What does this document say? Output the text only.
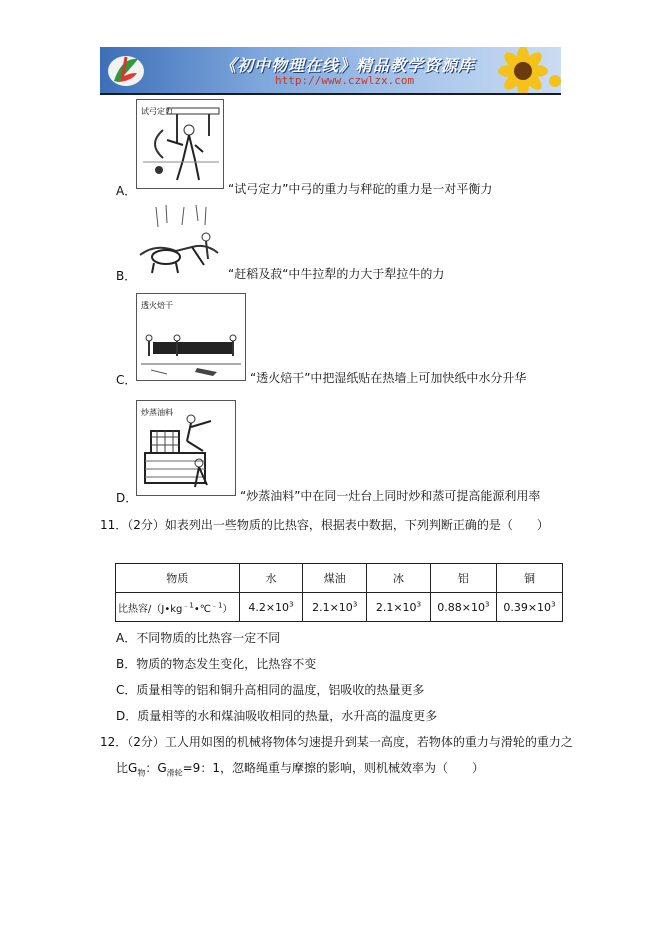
《初中物理在线》精品教学资源库
http://www.czwlzx.com
试弓定力
A．	“试弓定力”中弓的重力与秤砣的重力是一对平衡力
B．	“赶稻及菽“中牛拉犁的力大于犁拉牛的力
透火焙干
C．	“透火焙干”中把湿纸贴在热墙上可加快纸中水分升华
炒蒸油料
D．	“炒蒸油料”中在同一灶台上同时炒和蒸可提高能源利用率
11．（2分）如表列出一些物质的比热容，根据表中数据，下列判断正确的是（　　）
物质	水	煤油	冰	铝	铜
比热容$/(J•kg^{﹣1}•℃^{﹣1})$	$4.2\times 10^3$	$2.1\times 10^3$	$2.1\times 10^3$	$0.88\times 10^3$	$0.39\times 10^3$
A．不同物质的比热容一定不同
B．物质的物态发生变化，比热容不变
C．质量相等的铝和铜升高相同的温度，铝吸收的热量更多
D．质量相等的水和煤油吸收相同的热量，水升高的温度更多
12．（2分）工人用如图的机械将物体匀速提升到某一高度，若物体的重力与滑轮的重力之
比$G_物$：$G_{滑轮}=9$：1，忽略绳重与摩擦的影响，则机械效率为（　　）
